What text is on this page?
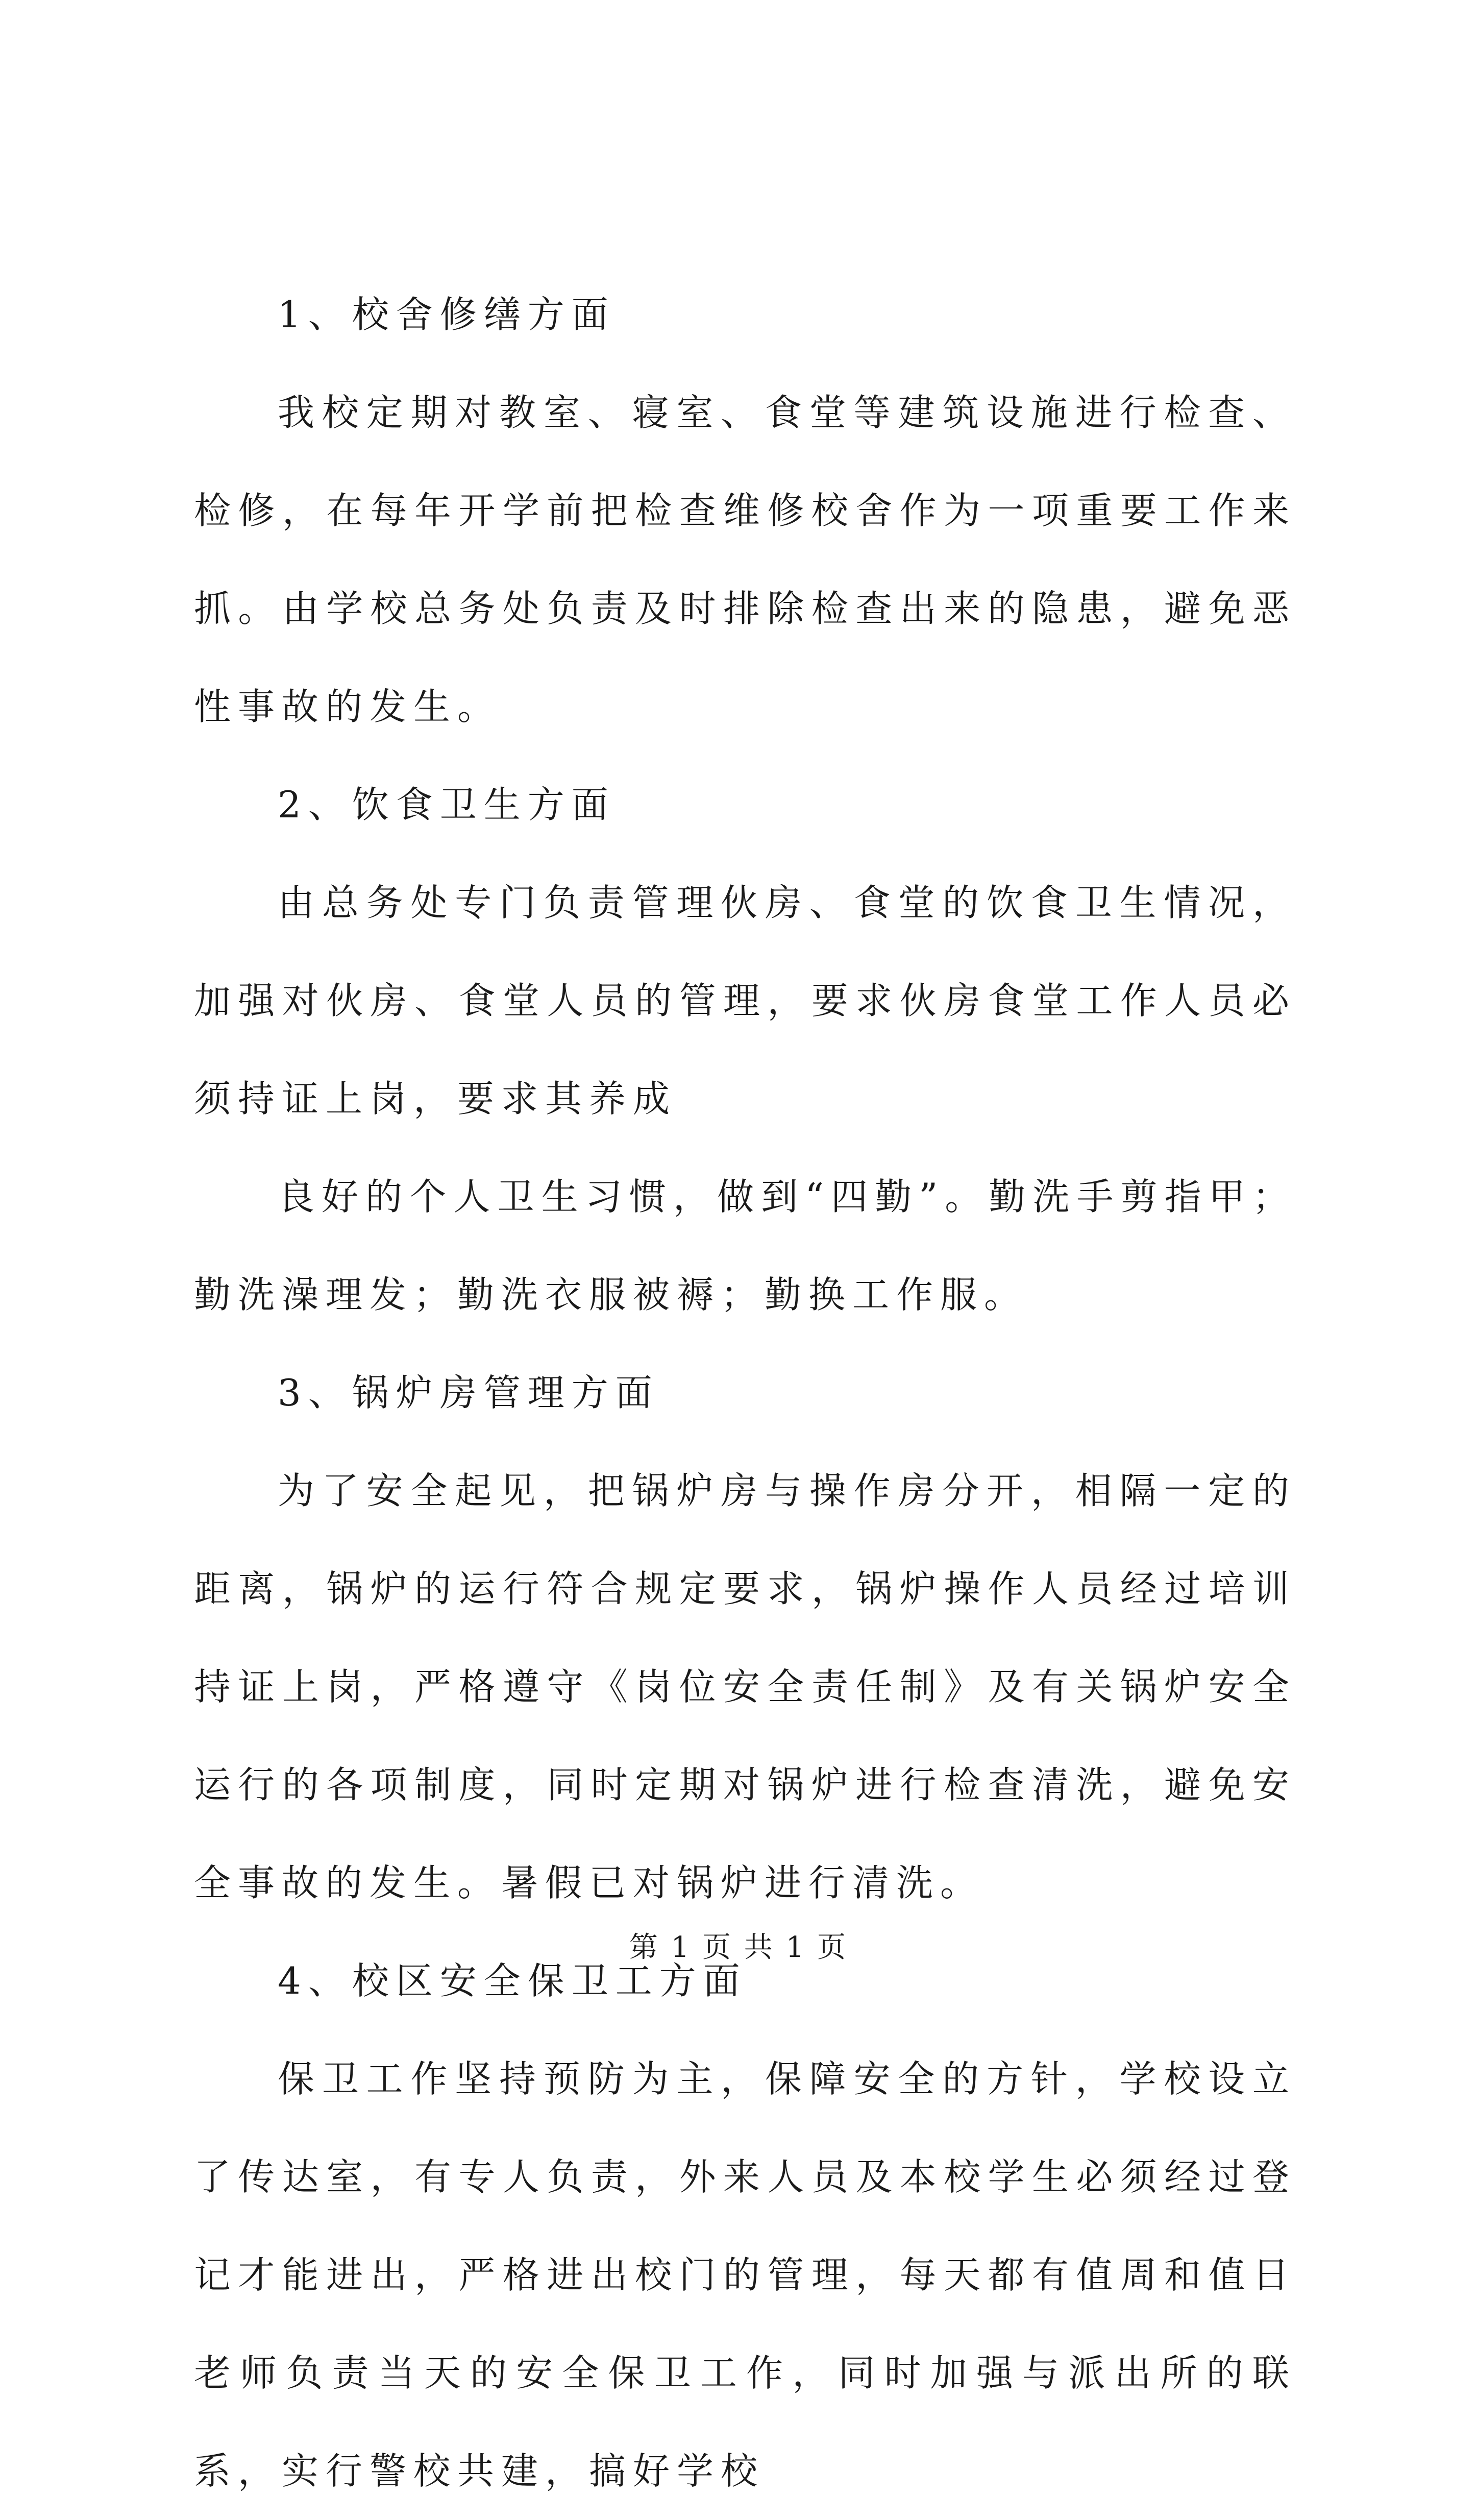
1、校舍修缮方面

我校定期对教室、寝室、食堂等建筑设施进行检查、检修，在每年开学前把检查维修校舍作为一项重要工作来抓。由学校总务处负责及时排除检查出来的隐患，避免恶性事故的发生。

2、饮食卫生方面

由总务处专门负责管理伙房、食堂的饮食卫生情况，加强对伙房、食堂人员的管理，要求伙房食堂工作人员必须持证上岗，要求其养成

良好的个人卫生习惯，做到“四勤”。勤洗手剪指甲；勤洗澡理发；勤洗衣服被褥；勤换工作服。

3、锅炉房管理方面

为了安全起见，把锅炉房与操作房分开，相隔一定的距离，锅炉的运行符合规定要求，锅炉操作人员经过培训持证上岗，严格遵守《岗位安全责任制》及有关锅炉安全运行的各项制度，同时定期对锅炉进行检查清洗，避免安全事故的发生。暑假已对锅炉进行清洗。

4、校区安全保卫工方面

保卫工作坚持预防为主，保障安全的方针，学校设立了传达室，有专人负责，外来人员及本校学生必须经过登记才能进出，严格进出校门的管理，每天都有值周和值日老师负责当天的安全保卫工作，同时加强与派出所的联系，实行警校共建，搞好学校

第 1 页 共 1 页
